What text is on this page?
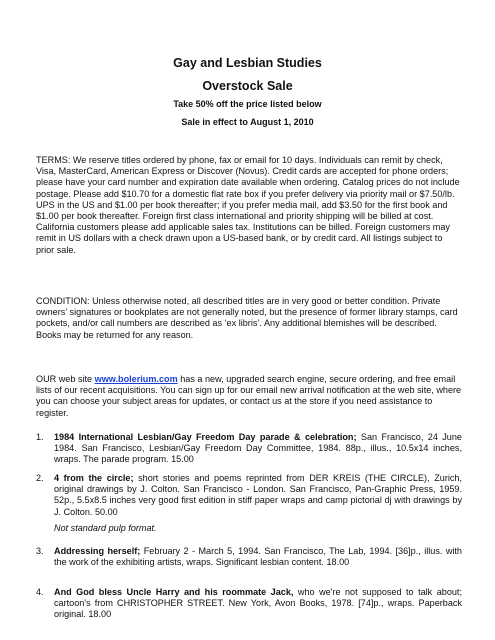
Gay and Lesbian Studies
Overstock Sale
Take 50% off the price listed below
Sale in effect to August 1, 2010
TERMS: We reserve titles ordered by phone, fax or email for 10 days. Individuals can remit by check, Visa, MasterCard, American Express or Discover (Novus). Credit cards are accepted for phone orders; please have your card number and expiration date available when ordering. Catalog prices do not include postage. Please add $10.70 for a domestic flat rate box if you prefer delivery via priority mail or $7.50/lb. UPS in the US and $1.00 per book thereafter; if you prefer media mail, add $3.50 for the first book and $1.00 per book thereafter. Foreign first class international and priority shipping will be billed at cost. California customers please add applicable sales tax. Institutions can be billed. Foreign customers may remit in US dollars with a check drawn upon a US-based bank, or by credit card. All listings subject to prior sale.
CONDITION: Unless otherwise noted, all described titles are in very good or better condition. Private owners’ signatures or bookplates are not generally noted, but the presence of former library stamps, card pockets, and/or call numbers are described as ‘ex libris’. Any additional blemishes will be described. Books may be returned for any reason.
OUR web site www.bolerium.com has a new, upgraded search engine, secure ordering, and free email lists of our recent acquisitions. You can sign up for our email new arrival notification at the web site, where you can choose your subject areas for updates, or contact us at the store if you need assistance to register.
1.	1984 International Lesbian/Gay Freedom Day parade & celebration; San Francisco, 24 June 1984. San Francisco, Lesbian/Gay Freedom Day Committee, 1984. 88p., illus., 10.5x14 inches, wraps. The parade program. 15.00
2.	4 from the circle; short stories and poems reprinted from DER KREIS (THE CIRCLE), Zurich, original drawings by J. Colton. San Francisco - London. San Francisco, Pan-Graphic Press, 1959. 52p., 5.5x8.5 inches very good first edition in stiff paper wraps and camp pictorial dj with drawings by J. Colton. 50.00
Not standard pulp format.
3.	Addressing herself; February 2 - March 5, 1994. San Francisco, The Lab, 1994. [36]p., illus. with the work of the exhibiting artists, wraps. Significant lesbian content. 18.00
4.	And God bless Uncle Harry and his roommate Jack, who we're not supposed to talk about; cartoon's from CHRISTOPHER STREET. New York, Avon Books, 1978. [74]p., wraps. Paperback original. 18.00
